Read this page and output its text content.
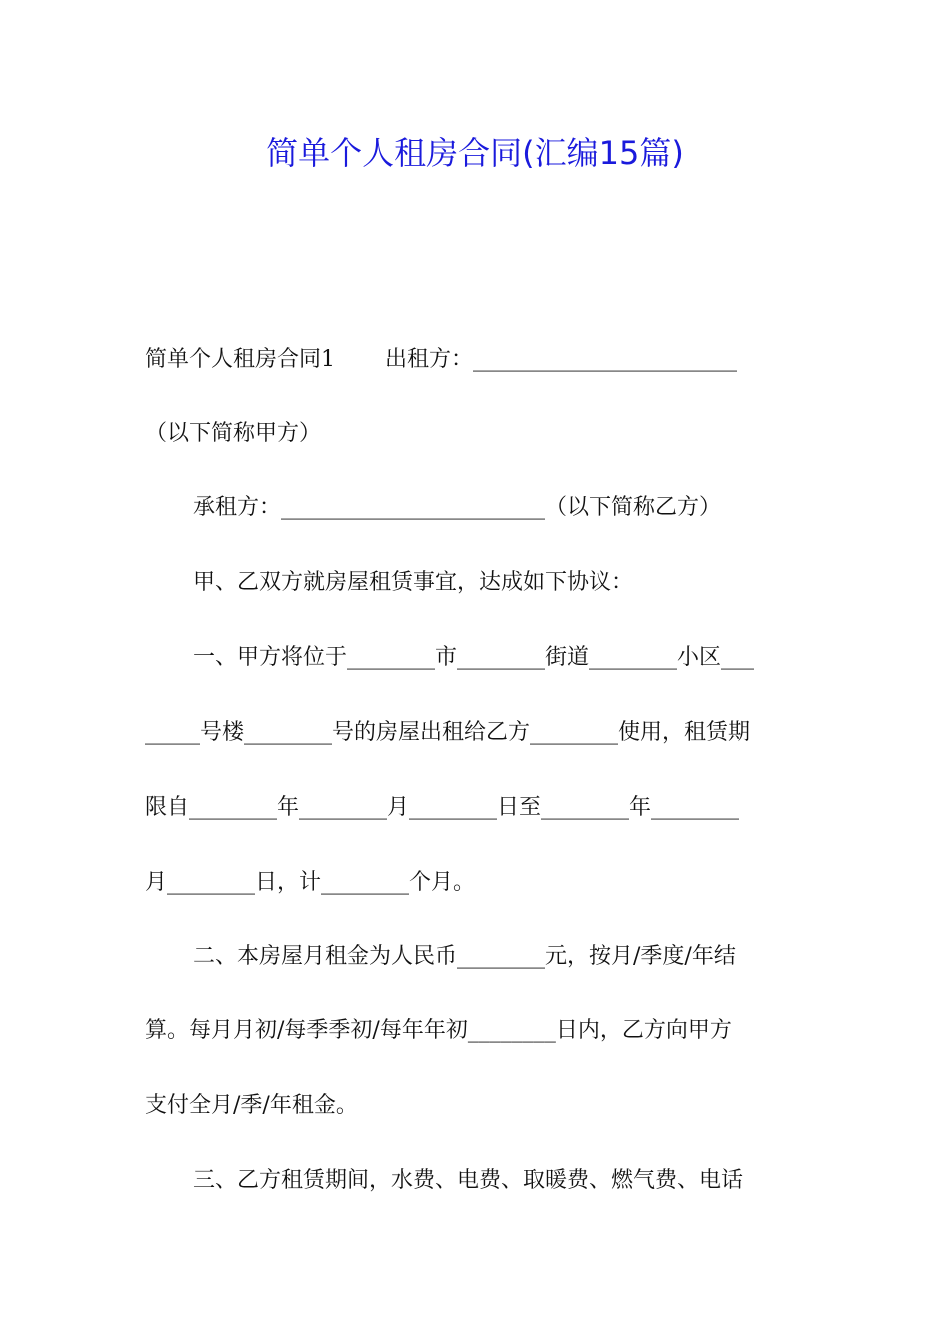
简单个人租房合同(汇编15篇)
简单个人租房合同1 出租方：________________________
（以下简称甲方）
承租方：________________________（以下简称乙方）
甲、乙双方就房屋租赁事宜，达成如下协议：
一、甲方将位于________市________街道________小区___
_____号楼________号的房屋出租给乙方________使用，租赁期
限自________年________月________日至________年________
月________日，计________个月。
二、本房屋月租金为人民币________元，按月/季度/年结
算。每月月初/每季季初/每年年初________日内，乙方向甲方
支付全月/季/年租金。
三、乙方租赁期间，水费、电费、取暖费、燃气费、电话
